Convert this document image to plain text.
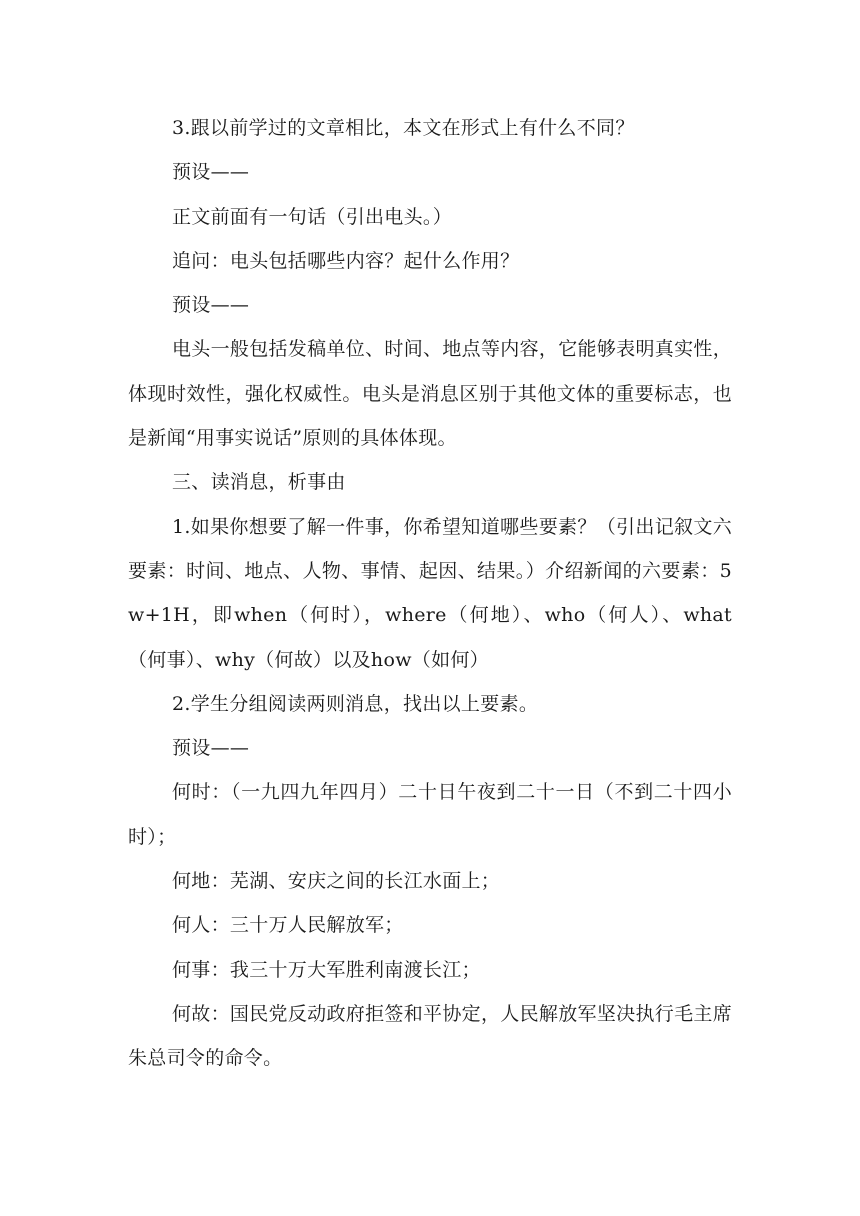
3.跟以前学过的文章相比，本文在形式上有什么不同？

预设——

正文前面有一句话（引出电头。）

追问：电头包括哪些内容？起什么作用？

预设——

电头一般包括发稿单位、时间、地点等内容，它能够表明真实性，体现时效性，强化权威性。电头是消息区别于其他文体的重要标志，也是新闻“用事实说话”原则的具体体现。

三、读消息，析事由

1.如果你想要了解一件事，你希望知道哪些要素？（引出记叙文六要素：时间、地点、人物、事情、起因、结果。）介绍新闻的六要素：5w+1H，即when（何时），where（何地）、who（何人）、what（何事）、why（何故）以及how（如何）

2.学生分组阅读两则消息，找出以上要素。

预设——

何时：（一九四九年四月）二十日午夜到二十一日（不到二十四小时）；

何地：芜湖、安庆之间的长江水面上；

何人：三十万人民解放军；

何事：我三十万大军胜利南渡长江；

何故：国民党反动政府拒签和平协定，人民解放军坚决执行毛主席朱总司令的命令。
